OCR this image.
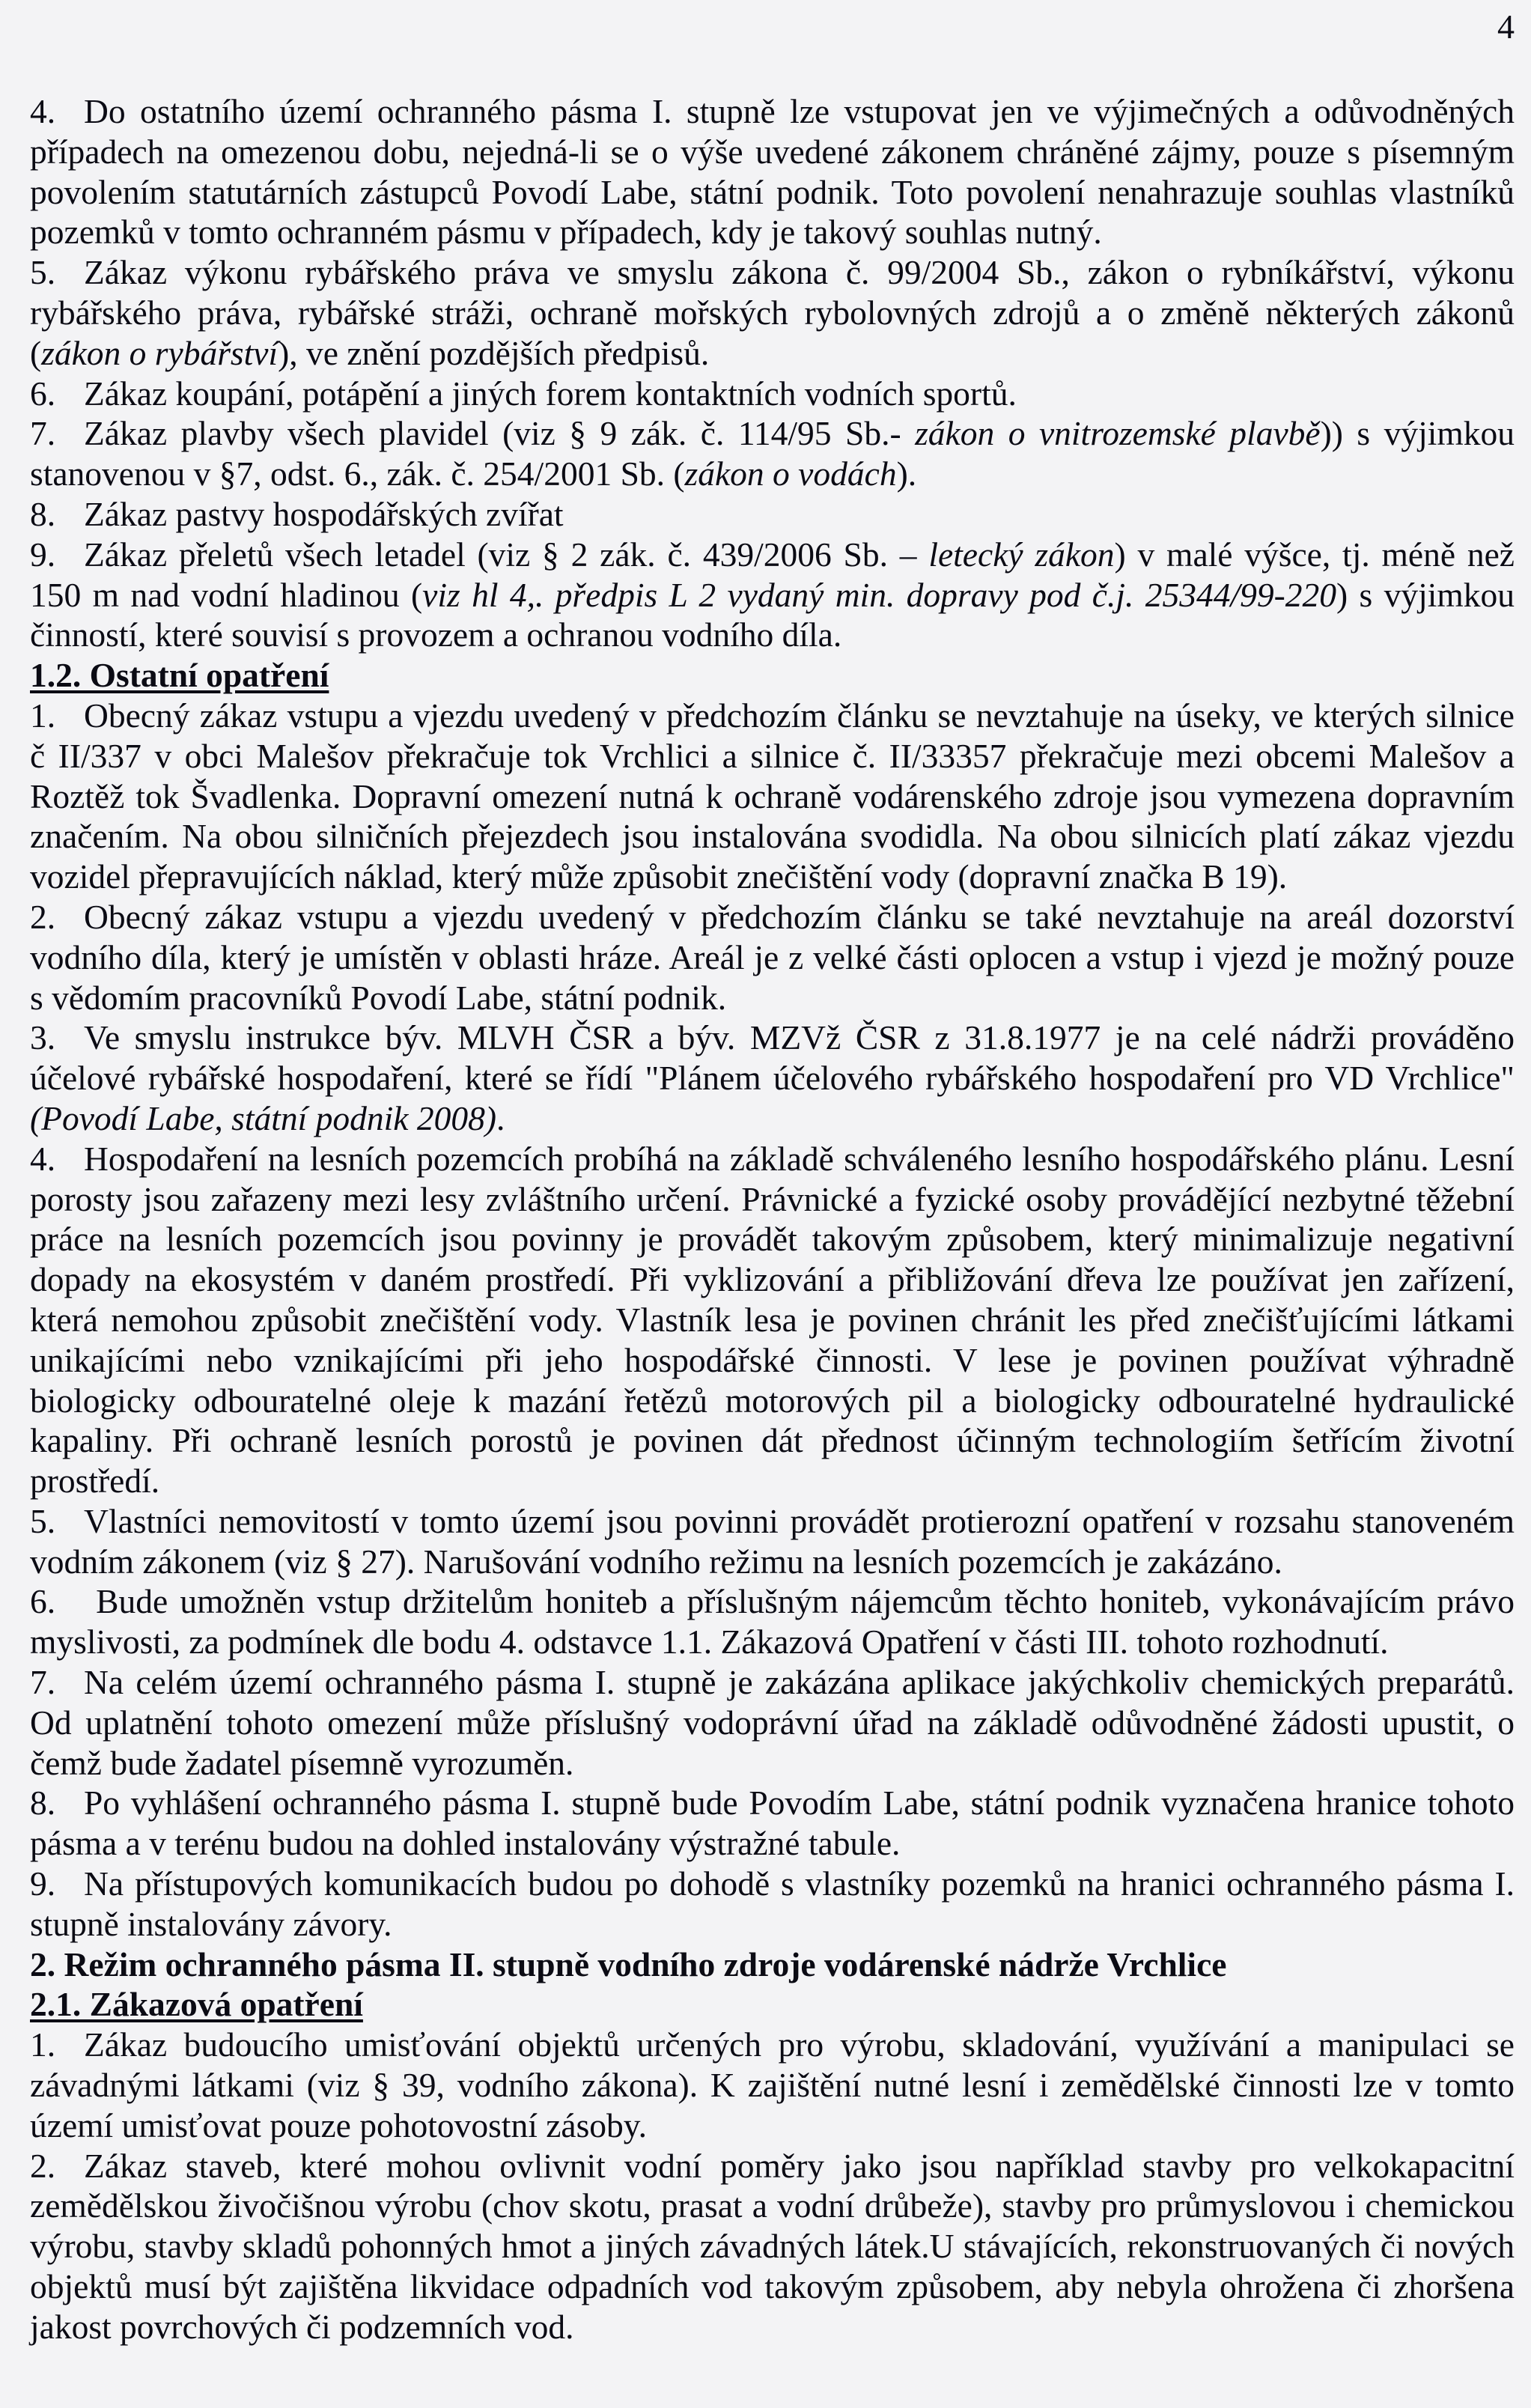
4
4. Do ostatního území ochranného pásma I. stupně lze vstupovat jen ve výjimečných a odůvodněných
případech na omezenou dobu, nejedná-li se o výše uvedené zákonem chráněné zájmy, pouze s písemným
povolením statutárních zástupců Povodí Labe, státní podnik. Toto povolení nenahrazuje souhlas vlastníků
pozemků v tomto ochranném pásmu v případech, kdy je takový souhlas nutný.
5. Zákaz výkonu rybářského práva ve smyslu zákona č. 99/2004 Sb., zákon o rybníkářství, výkonu
rybářského práva, rybářské stráži, ochraně mořských rybolovných zdrojů a o změně některých zákonů
(zákon o rybářství), ve znění pozdějších předpisů.
6. Zákaz koupání, potápění a jiných forem kontaktních vodních sportů.
7. Zákaz plavby všech plavidel (viz § 9 zák. č. 114/95 Sb.- zákon o vnitrozemské plavbě)) s výjimkou
stanovenou v §7, odst. 6., zák. č. 254/2001 Sb. (zákon o vodách).
8. Zákaz pastvy hospodářských zvířat
9. Zákaz přeletů všech letadel (viz § 2 zák. č. 439/2006 Sb. – letecký zákon) v malé výšce, tj. méně než
150 m nad vodní hladinou (viz hl 4,. předpis L 2 vydaný min. dopravy pod č.j. 25344/99-220) s výjimkou
činností, které souvisí s provozem a ochranou vodního díla.
1.2. Ostatní opatření
1. Obecný zákaz vstupu a vjezdu uvedený v předchozím článku se nevztahuje na úseky, ve kterých silnice
č II/337 v obci Malešov překračuje tok Vrchlici a silnice č. II/33357 překračuje mezi obcemi Malešov a
Roztěž tok Švadlenka. Dopravní omezení nutná k ochraně vodárenského zdroje jsou vymezena dopravním
značením. Na obou silničních přejezdech jsou instalována svodidla. Na obou silnicích platí zákaz vjezdu
vozidel přepravujících náklad, který může způsobit znečištění vody (dopravní značka B 19).
2. Obecný zákaz vstupu a vjezdu uvedený v předchozím článku se také nevztahuje na areál dozorství
vodního díla, který je umístěn v oblasti hráze. Areál je z velké části oplocen a vstup i vjezd je možný pouze
s vědomím pracovníků Povodí Labe, státní podnik.
3. Ve smyslu instrukce býv. MLVH ČSR a býv. MZVž ČSR z 31.8.1977 je na celé nádrži prováděno
účelové rybářské hospodaření, které se řídí "Plánem účelového rybářského hospodaření pro VD Vrchlice"
(Povodí Labe, státní podnik 2008).
4. Hospodaření na lesních pozemcích probíhá na základě schváleného lesního hospodářského plánu. Lesní
porosty jsou zařazeny mezi lesy zvláštního určení. Právnické a fyzické osoby provádějící nezbytné těžební
práce na lesních pozemcích jsou povinny je provádět takovým způsobem, který minimalizuje negativní
dopady na ekosystém v daném prostředí. Při vyklizování a přibližování dřeva lze používat jen zařízení,
která nemohou způsobit znečištění vody. Vlastník lesa je povinen chránit les před znečišťujícími látkami
unikajícími nebo vznikajícími při jeho hospodářské činnosti. V lese je povinen používat výhradně
biologicky odbouratelné oleje k mazání řetězů motorových pil a biologicky odbouratelné hydraulické
kapaliny. Při ochraně lesních porostů je povinen dát přednost účinným technologiím šetřícím životní
prostředí.
5. Vlastníci nemovitostí v tomto území jsou povinni provádět protierozní opatření v rozsahu stanoveném
vodním zákonem (viz § 27). Narušování vodního režimu na lesních pozemcích je zakázáno.
6. Bude umožněn vstup držitelům honiteb a příslušným nájemcům těchto honiteb, vykonávajícím právo
myslivosti, za podmínek dle bodu 4. odstavce 1.1. Zákazová Opatření v části III. tohoto rozhodnutí.
7. Na celém území ochranného pásma I. stupně je zakázána aplikace jakýchkoliv chemických preparátů.
Od uplatnění tohoto omezení může příslušný vodoprávní úřad na základě odůvodněné žádosti upustit, o
čemž bude žadatel písemně vyrozuměn.
8. Po vyhlášení ochranného pásma I. stupně bude Povodím Labe, státní podnik vyznačena hranice tohoto
pásma a v terénu budou na dohled instalovány výstražné tabule.
9. Na přístupových komunikacích budou po dohodě s vlastníky pozemků na hranici ochranného pásma I.
stupně instalovány závory.
2. Režim ochranného pásma II. stupně vodního zdroje vodárenské nádrže Vrchlice
2.1. Zákazová opatření
1. Zákaz budoucího umisťování objektů určených pro výrobu, skladování, využívání a manipulaci se
závadnými látkami (viz § 39, vodního zákona). K zajištění nutné lesní i zemědělské činnosti lze v tomto
území umisťovat pouze pohotovostní zásoby.
2. Zákaz staveb, které mohou ovlivnit vodní poměry jako jsou například stavby pro velkokapacitní
zemědělskou živočišnou výrobu (chov skotu, prasat a vodní drůbeže), stavby pro průmyslovou i chemickou
výrobu, stavby skladů pohonných hmot a jiných závadných látek.U stávajících, rekonstruovaných či nových
objektů musí být zajištěna likvidace odpadních vod takovým způsobem, aby nebyla ohrožena či zhoršena
jakost povrchových či podzemních vod.
